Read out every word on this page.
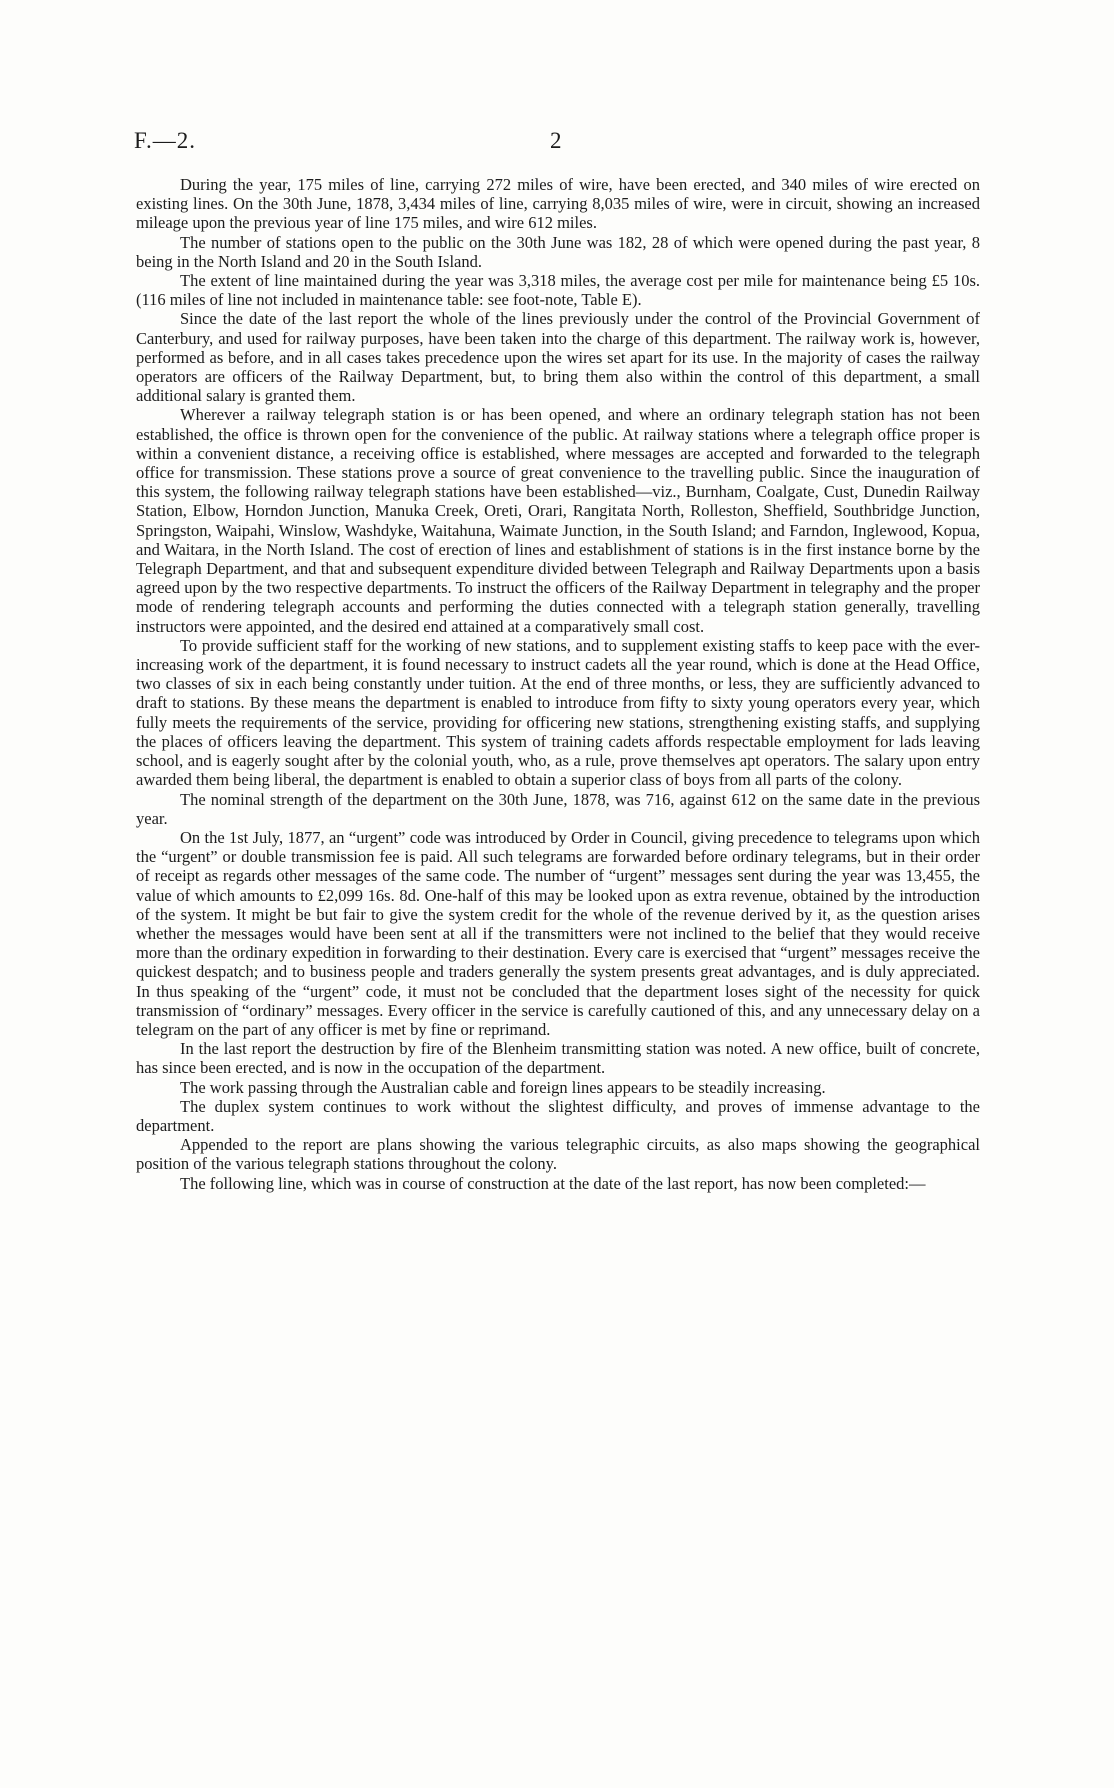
F.—2.	2

During the year, 175 miles of line, carrying 272 miles of wire, have been erected, and 340 miles of wire erected on existing lines. On the 30th June, 1878, 3,434 miles of line, carrying 8,035 miles of wire, were in circuit, showing an increased mileage upon the previous year of line 175 miles, and wire 612 miles.

The number of stations open to the public on the 30th June was 182, 28 of which were opened during the past year, 8 being in the North Island and 20 in the South Island.

The extent of line maintained during the year was 3,318 miles, the average cost per mile for maintenance being £5 10s. (116 miles of line not included in maintenance table: see foot-note, Table E).

Since the date of the last report the whole of the lines previously under the control of the Provincial Government of Canterbury, and used for railway purposes, have been taken into the charge of this department. The railway work is, however, performed as before, and in all cases takes precedence upon the wires set apart for its use. In the majority of cases the railway operators are officers of the Railway Department, but, to bring them also within the control of this department, a small additional salary is granted them.

Wherever a railway telegraph station is or has been opened, and where an ordinary telegraph station has not been established, the office is thrown open for the convenience of the public. At railway stations where a telegraph office proper is within a convenient distance, a receiving office is established, where messages are accepted and forwarded to the telegraph office for transmission. These stations prove a source of great convenience to the travelling public. Since the inauguration of this system, the following railway telegraph stations have been established—viz., Burnham, Coalgate, Cust, Dunedin Railway Station, Elbow, Horndon Junction, Manuka Creek, Oreti, Orari, Rangitata North, Rolleston, Sheffield, Southbridge Junction, Springston, Waipahi, Winslow, Washdyke, Waitahuna, Waimate Junction, in the South Island; and Farndon, Inglewood, Kopua, and Waitara, in the North Island. The cost of erection of lines and establishment of stations is in the first instance borne by the Telegraph Department, and that and subsequent expenditure divided between Telegraph and Railway Departments upon a basis agreed upon by the two respective departments. To instruct the officers of the Railway Department in telegraphy and the proper mode of rendering telegraph accounts and performing the duties connected with a telegraph station generally, travelling instructors were appointed, and the desired end attained at a comparatively small cost.

To provide sufficient staff for the working of new stations, and to supplement existing staffs to keep pace with the ever-increasing work of the department, it is found necessary to instruct cadets all the year round, which is done at the Head Office, two classes of six in each being constantly under tuition. At the end of three months, or less, they are sufficiently advanced to draft to stations. By these means the department is enabled to introduce from fifty to sixty young operators every year, which fully meets the requirements of the service, providing for officering new stations, strengthening existing staffs, and supplying the places of officers leaving the department. This system of training cadets affords respectable employment for lads leaving school, and is eagerly sought after by the colonial youth, who, as a rule, prove themselves apt operators. The salary upon entry awarded them being liberal, the department is enabled to obtain a superior class of boys from all parts of the colony.

The nominal strength of the department on the 30th June, 1878, was 716, against 612 on the same date in the previous year.

On the 1st July, 1877, an “urgent” code was introduced by Order in Council, giving precedence to telegrams upon which the “urgent” or double transmission fee is paid. All such telegrams are forwarded before ordinary telegrams, but in their order of receipt as regards other messages of the same code. The number of “urgent” messages sent during the year was 13,455, the value of which amounts to £2,099 16s. 8d. One-half of this may be looked upon as extra revenue, obtained by the introduction of the system. It might be but fair to give the system credit for the whole of the revenue derived by it, as the question arises whether the messages would have been sent at all if the transmitters were not inclined to the belief that they would receive more than the ordinary expedition in forwarding to their destination. Every care is exercised that “urgent” messages receive the quickest despatch; and to business people and traders generally the system presents great advantages, and is duly appreciated. In thus speaking of the “urgent” code, it must not be concluded that the department loses sight of the necessity for quick transmission of “ordinary” messages. Every officer in the service is carefully cautioned of this, and any unnecessary delay on a telegram on the part of any officer is met by fine or reprimand.

In the last report the destruction by fire of the Blenheim transmitting station was noted. A new office, built of concrete, has since been erected, and is now in the occupation of the department.

The work passing through the Australian cable and foreign lines appears to be steadily increasing.

The duplex system continues to work without the slightest difficulty, and proves of immense advantage to the department.

Appended to the report are plans showing the various telegraphic circuits, as also maps showing the geographical position of the various telegraph stations throughout the colony.

The following line, which was in course of construction at the date of the last report, has now been completed:—
